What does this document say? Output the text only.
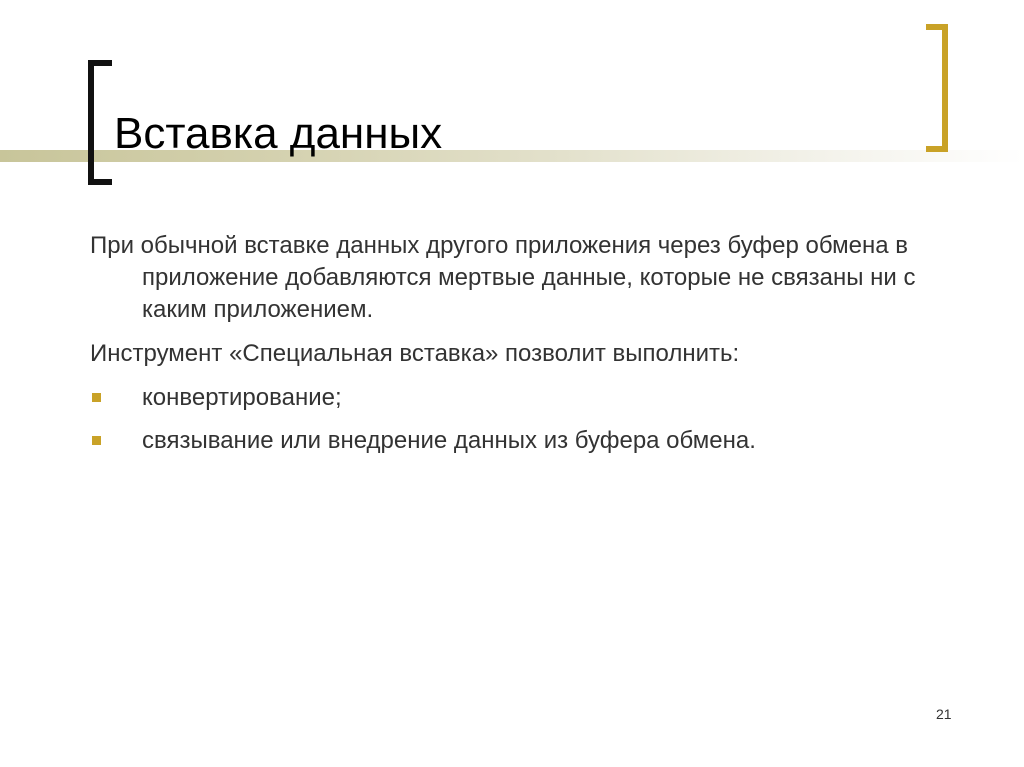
Вставка данных

При обычной вставке данных другого приложения через буфер обмена в приложение добавляются мертвые данные, которые не связаны ни с каким приложением.

Инструмент «Специальная вставка» позволит выполнить:

конвертирование;
связывание или внедрение данных из буфера обмена.
21
